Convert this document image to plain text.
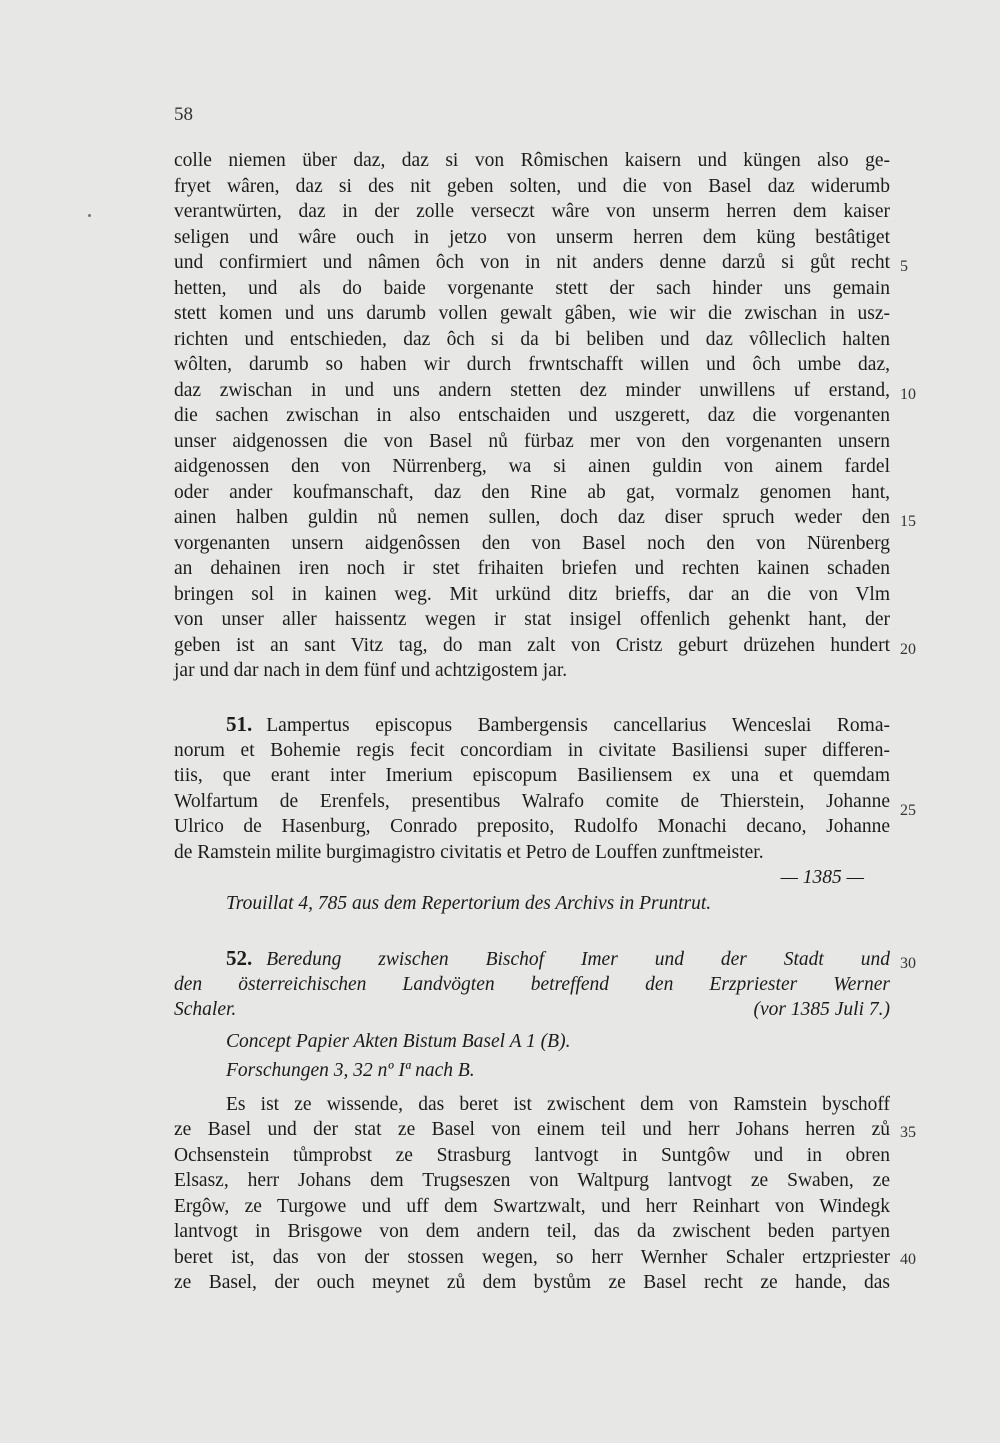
58
colle niemen über daz, daz si von Rômischen kaisern und küngen also ge-
fryet wâren, daz si des nit geben solten, und die von Basel daz widerumb
verantwürten, daz in der zolle verseczt wâre von unserm herren dem kaiser
seligen und wâre ouch in jetzo von unserm herren dem küng bestâtiget
und confirmiert und nâmen ôch von in nit anders denne darzů si gůt recht
hetten, und als do baide vorgenante stett der sach hinder uns gemain
stett komen und uns darumb vollen gewalt gâben, wie wir die zwischan in usz-
richten und entschieden, daz ôch si da bi beliben und daz vôlleclich halten
wôlten, darumb so haben wir durch frwntschafft willen und ôch umbe daz,
daz zwischan in und uns andern stetten dez minder unwillens uf erstand,
die sachen zwischan in also entschaiden und uszgerett, daz die vorgenanten
unser aidgenossen die von Basel nů fürbaz mer von den vorgenanten unsern
aidgenossen den von Nürrenberg, wa si ainen guldin von ainem fardel
oder ander koufmanschaft, daz den Rine ab gat, vormalz genomen hant,
ainen halben guldin nů nemen sullen, doch daz diser spruch weder den
vorgenanten unsern aidgenôssen den von Basel noch den von Nürenberg
an dehainen iren noch ir stet frihaiten briefen und rechten kainen schaden
bringen sol in kainen weg. Mit urkünd ditz brieffs, dar an die von Vlm
von unser aller haissentz wegen ir stat insigel offenlich gehenkt hant, der
geben ist an sant Vitz tag, do man zalt von Cristz geburt drüzehen hundert
jar und dar nach in dem fünf und achtzigostem jar.
51. Lampertus episcopus Bambergensis cancellarius Wenceslai Roma-
norum et Bohemie regis fecit concordiam in civitate Basiliensi super differen-
tiis, que erant inter Imerium episcopum Basiliensem ex una et quemdam
Wolfartum de Erenfels, presentibus Walrafo comite de Thierstein, Johanne
Ulrico de Hasenburg, Conrado preposito, Rudolfo Monachi decano, Johanne
de Ramstein milite burgimagistro civitatis et Petro de Louffen zunftmeister.
— 1385 —
Trouillat 4, 785 aus dem Repertorium des Archivs in Pruntrut.
52. Beredung zwischen Bischof Imer und der Stadt und
den österreichischen Landvögten betreffend den Erzpriester Werner
Schaler.	(vor 1385 Juli 7.)
Concept Papier Akten Bistum Basel A 1 (B).
Forschungen 3, 32 nº Iª nach B.
Es ist ze wissende, das beret ist zwischent dem von Ramstein byschoff
ze Basel und der stat ze Basel von einem teil und herr Johans herren zů
Ochsenstein tůmprobst ze Strasburg lantvogt in Suntgôw und in obren
Elsasz, herr Johans dem Trugseszen von Waltpurg lantvogt ze Swaben, ze
Ergôw, ze Turgowe und uff dem Swartzwalt, und herr Reinhart von Windegk
lantvogt in Brisgowe von dem andern teil, das da zwischent beden partyen
beret ist, das von der stossen wegen, so herr Wernher Schaler ertzpriester
ze Basel, der ouch meynet zů dem bystům ze Basel recht ze hande, das
5
10
15
20
25
30
35
40
